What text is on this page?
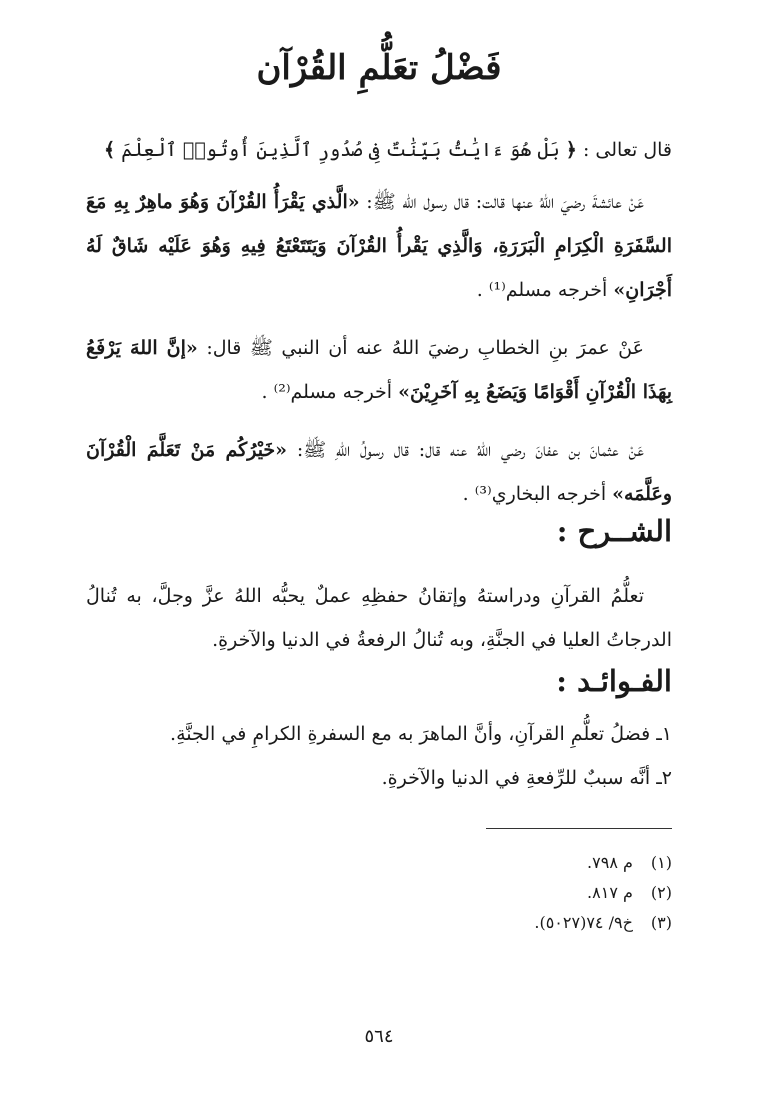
فَضْلُ تعَلُّمِ القُرْآن

قال تعالى : ﴿ بَلْ هُوَ ءَايَٰتُۢ بَيِّنَٰتٌ فِى صُدُورِ ٱلَّذِينَ أُوتُوا۟ ٱلْعِلْمَ ﴾

عَنْ عائشةَ رضيَ اللهُ عنها قالت: قال رسول الله ﷺ: «الَّذي يَقْرَأُ القُرْآنَ وَهُوَ ماهِرٌ بِهِ مَعَ السَّفَرَةِ الْكِرَامِ الْبَرَرَةِ، وَالَّذِي يَقْرأُ القُرْآنَ وَيَتَتَعْتَعُ فِيهِ وَهُوَ عَلَيْه شَاقٌ لَهُ أَجْرَانِ» أخرجه مسلم⁽¹⁾ .

عَنْ عمرَ بنِ الخطابِ رضيَ اللهُ عنه أن النبي ﷺ قال: «إنَّ اللهَ يَرْفَعُ بِهَذَا الْقُرْآنِ أَقْوَامًا وَيَضَعُ بِهِ آخَرِيْنَ» أخرجه مسلم⁽²⁾ .

عَنْ عثمانَ بن عفانَ رضي اللهُ عنه قال: قال رسولُ اللهِ ﷺ: «خَيْرُكُم مَنْ تَعَلَّمَ الْقُرْآنَ وعَلَّمَه» أخرجه البخاري⁽³⁾ .

الشــرح :

تعلُّمُ القرآنِ ودراستهُ وإتقانُ حفظِهِ عملٌ يحبُّه اللهُ عزَّ وجلَّ، به تُنالُ الدرجاتُ العليا في الجنَّةِ، وبه تُنالُ الرفعةُ في الدنيا والآخرةِ.

الفـوائـد :

١ـ فضلُ تعلُّمِ القرآنِ، وأنَّ الماهرَ به مع السفرةِ الكرامِ في الجنَّةِ.

٢ـ أنَّه سببٌ للرِّفعةِ في الدنيا والآخرةِ.

(١) م ٧٩٨.
(٢) م ٨١٧.
(٣) خ٩/ ٧٤(٥٠٢٧).
٥٦٤
